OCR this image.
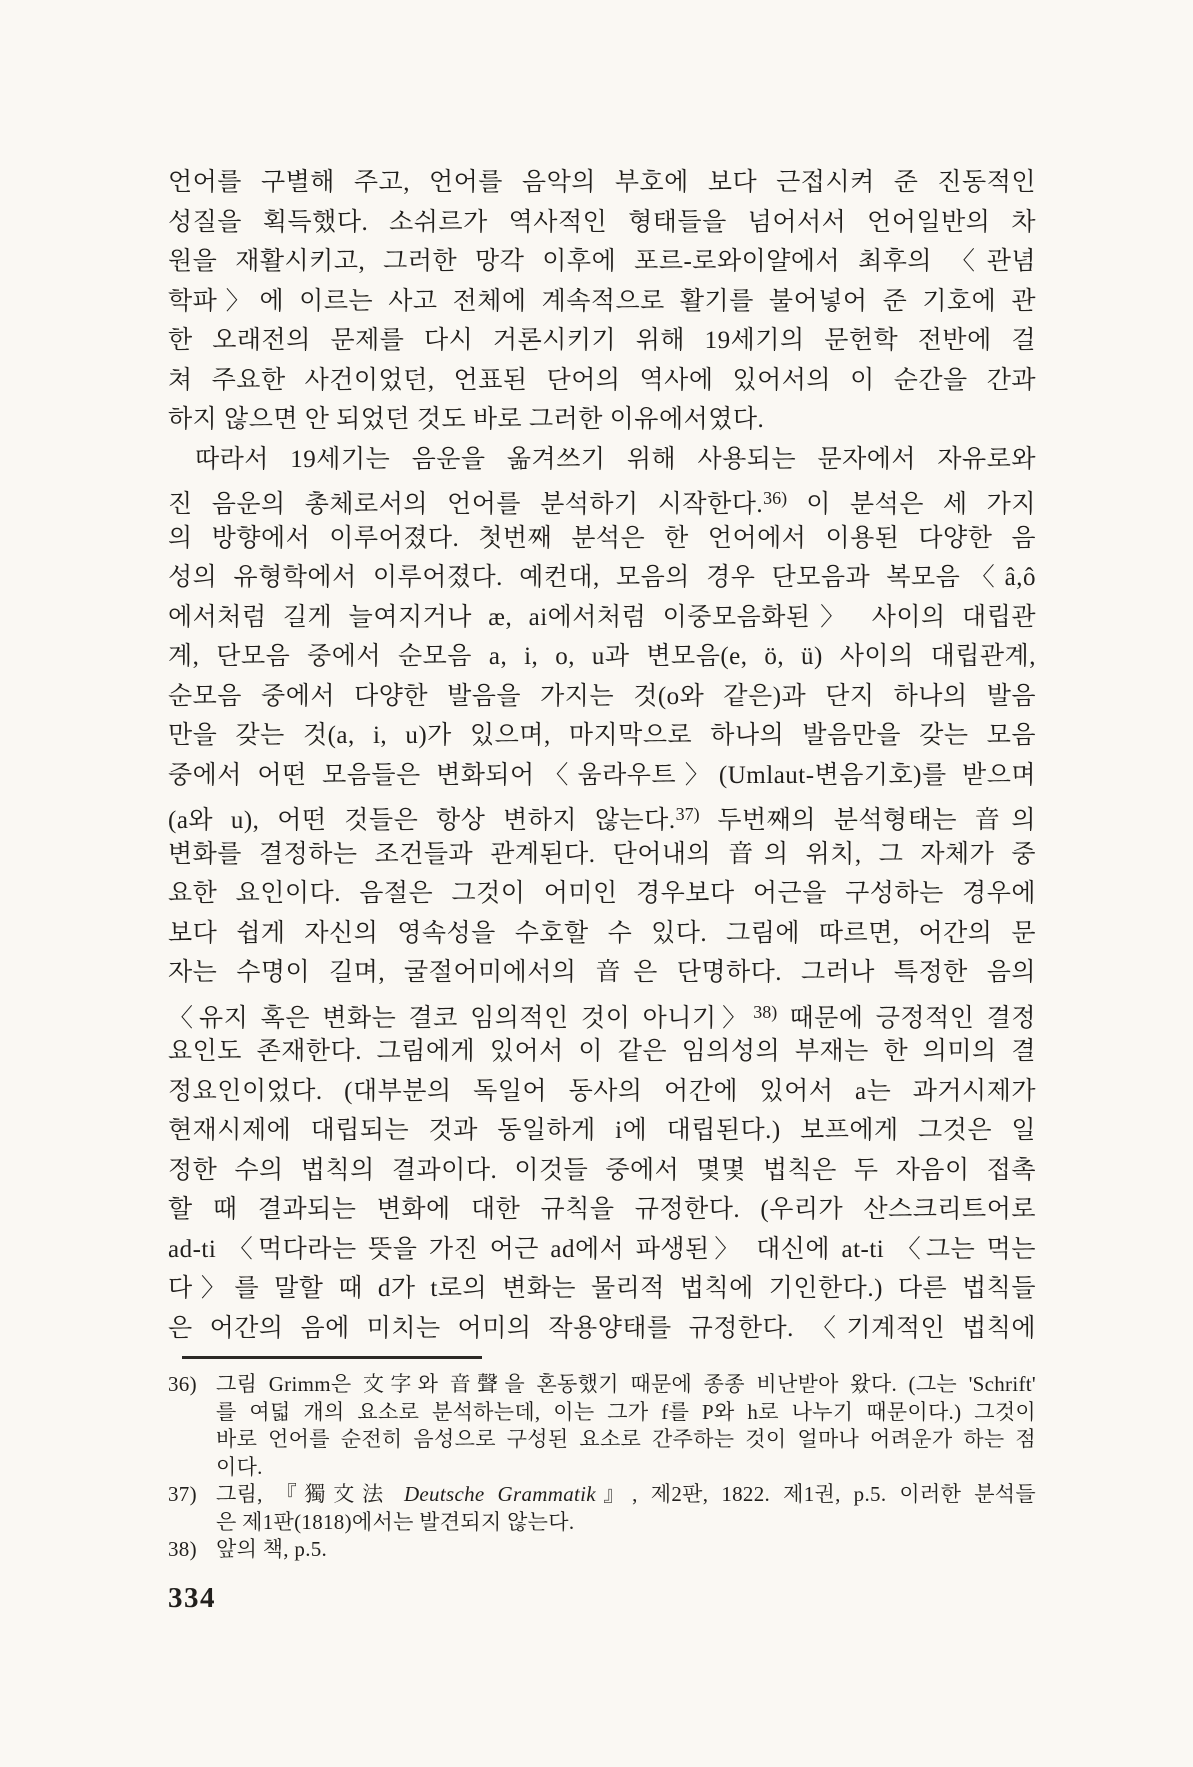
언어를 구별해 주고, 언어를 음악의 부호에 보다 근접시켜 준 진동적인
성질을 획득했다. 소쉬르가 역사적인 형태들을 넘어서서 언어일반의 차
원을 재활시키고, 그러한 망각 이후에 포르-로와이얄에서 최후의 〈관념
학파〉에 이르는 사고 전체에 계속적으로 활기를 불어넣어 준 기호에 관
한 오래전의 문제를 다시 거론시키기 위해 19세기의 문헌학 전반에 걸
쳐 주요한 사건이었던, 언표된 단어의 역사에 있어서의 이 순간을 간과
하지 않으면 안 되었던 것도 바로 그러한 이유에서였다.
따라서 19세기는 음운을 옮겨쓰기 위해 사용되는 문자에서 자유로와
진 음운의 총체로서의 언어를 분석하기 시작한다.$^{36)}$ 이 분석은 세 가지
의 방향에서 이루어졌다. 첫번째 분석은 한 언어에서 이용된 다양한 음
성의 유형학에서 이루어졌다. 예컨대, 모음의 경우 단모음과 복모음〈â,ô
에서처럼 길게 늘여지거나 æ, ai에서처럼 이중모음화된〉 사이의 대립관
계, 단모음 중에서 순모음 a, i, o, u과 변모음(e, ö, ü) 사이의 대립관계,
순모음 중에서 다양한 발음을 가지는 것(o와 같은)과 단지 하나의 발음
만을 갖는 것(a, i, u)가 있으며, 마지막으로 하나의 발음만을 갖는 모음
중에서 어떤 모음들은 변화되어〈움라우트〉(Umlaut-변음기호)를 받으며
(a와 u), 어떤 것들은 항상 변하지 않는다.$^{37)}$ 두번째의 분석형태는 音의
변화를 결정하는 조건들과 관계된다. 단어내의 音의 위치, 그 자체가 중
요한 요인이다. 음절은 그것이 어미인 경우보다 어근을 구성하는 경우에
보다 쉽게 자신의 영속성을 수호할 수 있다. 그림에 따르면, 어간의 문
자는 수명이 길며, 굴절어미에서의 音은 단명하다. 그러나 특정한 음의
〈유지 혹은 변화는 결코 임의적인 것이 아니기〉$^{38)}$ 때문에 긍정적인 결정
요인도 존재한다. 그림에게 있어서 이 같은 임의성의 부재는 한 의미의 결
정요인이었다. (대부분의 독일어 동사의 어간에 있어서 a는 과거시제가
현재시제에 대립되는 것과 동일하게 i에 대립된다.) 보프에게 그것은 일
정한 수의 법칙의 결과이다. 이것들 중에서 몇몇 법칙은 두 자음이 접촉
할 때 결과되는 변화에 대한 규칙을 규정한다. (우리가 산스크리트어로
ad-ti 〈먹다라는 뜻을 가진 어근 ad에서 파생된〉 대신에 at-ti 〈그는 먹는
다〉를 말할 때 d가 t로의 변화는 물리적 법칙에 기인한다.) 다른 법칙들
은 어간의 음에 미치는 어미의 작용양태를 규정한다. 〈기계적인 법칙에
36) 그림 Grimm은 文字와 音聲을 혼동했기 때문에 종종 비난받아 왔다. (그는 'Schrift'
를 여덟 개의 요소로 분석하는데, 이는 그가 f를 P와 h로 나누기 때문이다.) 그것이
바로 언어를 순전히 음성으로 구성된 요소로 간주하는 것이 얼마나 어려운가 하는 점
이다.
37) 그림, 『獨文法 Deutsche Grammatik』, 제2판, 1822. 제1권, p.5. 이러한 분석들
은 제1판(1818)에서는 발견되지 않는다.
38) 앞의 책, p.5.
334
